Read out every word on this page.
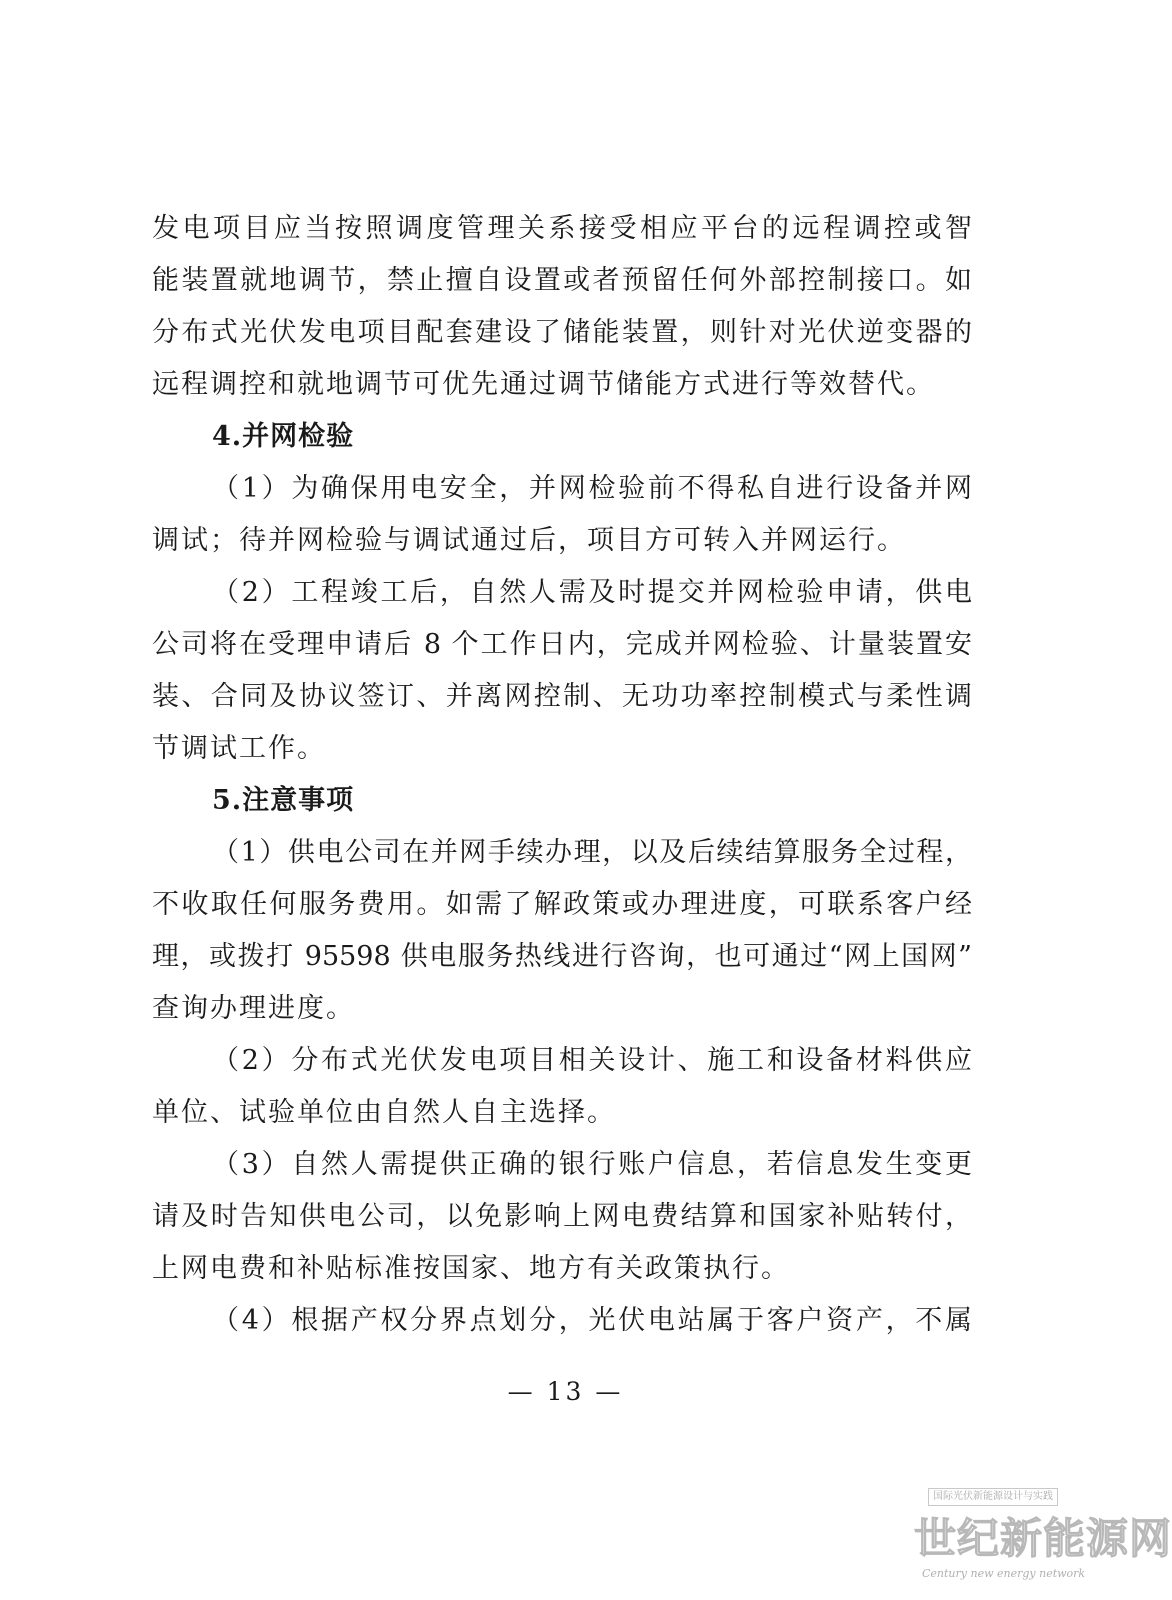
发电项目应当按照调度管理关系接受相应平台的远程调控或智
能装置就地调节，禁止擅自设置或者预留任何外部控制接口。如
分布式光伏发电项目配套建设了储能装置，则针对光伏逆变器的
远程调控和就地调节可优先通过调节储能方式进行等效替代。
4.并网检验
（1）为确保用电安全，并网检验前不得私自进行设备并网
调试；待并网检验与调试通过后，项目方可转入并网运行。
（2）工程竣工后，自然人需及时提交并网检验申请，供电
公司将在受理申请后 8 个工作日内，完成并网检验、计量装置安
装、合同及协议签订、并离网控制、无功功率控制模式与柔性调
节调试工作。
5.注意事项
（1）供电公司在并网手续办理，以及后续结算服务全过程，
不收取任何服务费用。如需了解政策或办理进度，可联系客户经
理，或拨打 95598 供电服务热线进行咨询，也可通过“网上国网”
查询办理进度。
（2）分布式光伏发电项目相关设计、施工和设备材料供应
单位、试验单位由自然人自主选择。
（3）自然人需提供正确的银行账户信息，若信息发生变更
请及时告知供电公司，以免影响上网电费结算和国家补贴转付，
上网电费和补贴标准按国家、地方有关政策执行。
（4）根据产权分界点划分，光伏电站属于客户资产，不属
— 13 —
国际光伏新能源设计与实践
世纪新能源网
Century new energy network
